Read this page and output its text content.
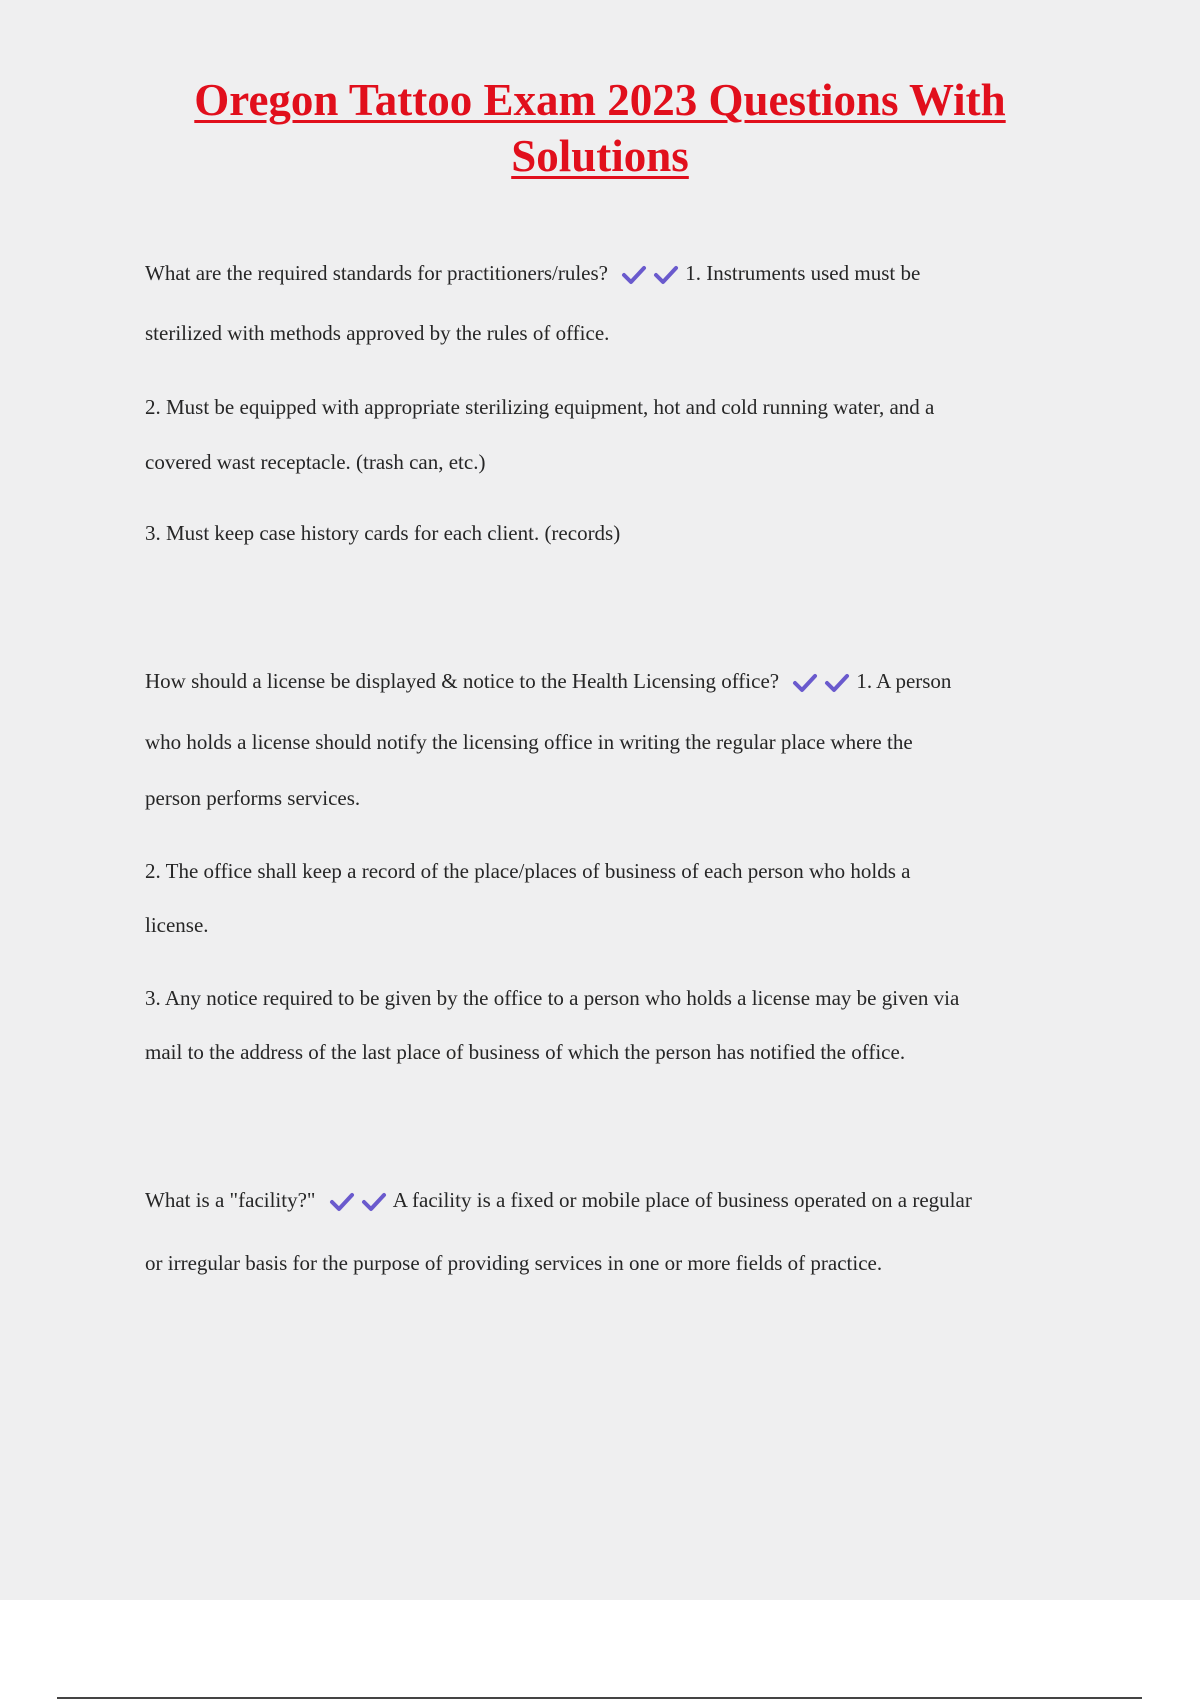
Oregon Tattoo Exam 2023 Questions With Solutions

What are the required standards for practitioners/rules?	1. Instruments used must be

sterilized with methods approved by the rules of office.

2. Must be equipped with appropriate sterilizing equipment, hot and cold running water, and a

covered wast receptacle. (trash can, etc.)

3. Must keep case history cards for each client. (records)

How should a license be displayed & notice to the Health Licensing office?	1. A person

who holds a license should notify the licensing office in writing the regular place where the

person performs services.

2. The office shall keep a record of the place/places of business of each person who holds a

license.

3. Any notice required to be given by the office to a person who holds a license may be given via

mail to the address of the last place of business of which the person has notified the office.

What is a "facility?"	A facility is a fixed or mobile place of business operated on a regular

or irregular basis for the purpose of providing services in one or more fields of practice.
